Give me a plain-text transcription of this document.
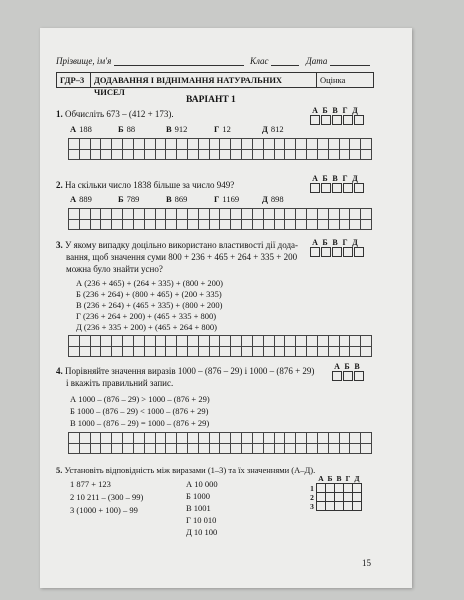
Прізвище, ім'я	Клас	Дата
ГДР–3	ДОДАВАННЯ І ВІДНІМАННЯ НАТУРАЛЬНИХ ЧИСЕЛ
Оцінка
ВАРІАНТ 1
1. Обчисліть 673 – (412 + 173).	А Б В Г Д
А 188	Б 88	В 912	Г 12	Д 812
2. На скільки число 1838 більше за число 949?
А Б В Г Д
А 889	Б 789	В 869	Г 1169	Д 898
3. У якому випадку доцільно використано властивості дії дода-
вання, щоб значення суми 800 + 236 + 465 + 264 + 335 + 200
можна було знайти усно?
А Б В Г Д
А (236 + 465) + (264 + 335) + (800 + 200)
Б (236 + 264) + (800 + 465) + (200 + 335)
В (236 + 264) + (465 + 335) + (800 + 200)
Г (236 + 264 + 200) + (465 + 335 + 800)
Д (236 + 335 + 200) + (465 + 264 + 800)
4. Порівняйте значення виразів 1000 – (876 – 29) і 1000 – (876 + 29)
і вкажіть правильний запис.
А Б В
А 1000 – (876 – 29) > 1000 – (876 + 29)
Б 1000 – (876 – 29) < 1000 – (876 + 29)
В 1000 – (876 – 29) = 1000 – (876 + 29)
5. Установіть відповідність між виразами (1–3) та їх значеннями (А–Д).
1 877 + 123
2 10 211 – (300 – 99)
3 (1000 + 100) – 99
А 10 000
Б 1000
В 1001
Г 10 010
Д 10 100
	А	Б	В	Г	Д
1					
2					
3					
15
